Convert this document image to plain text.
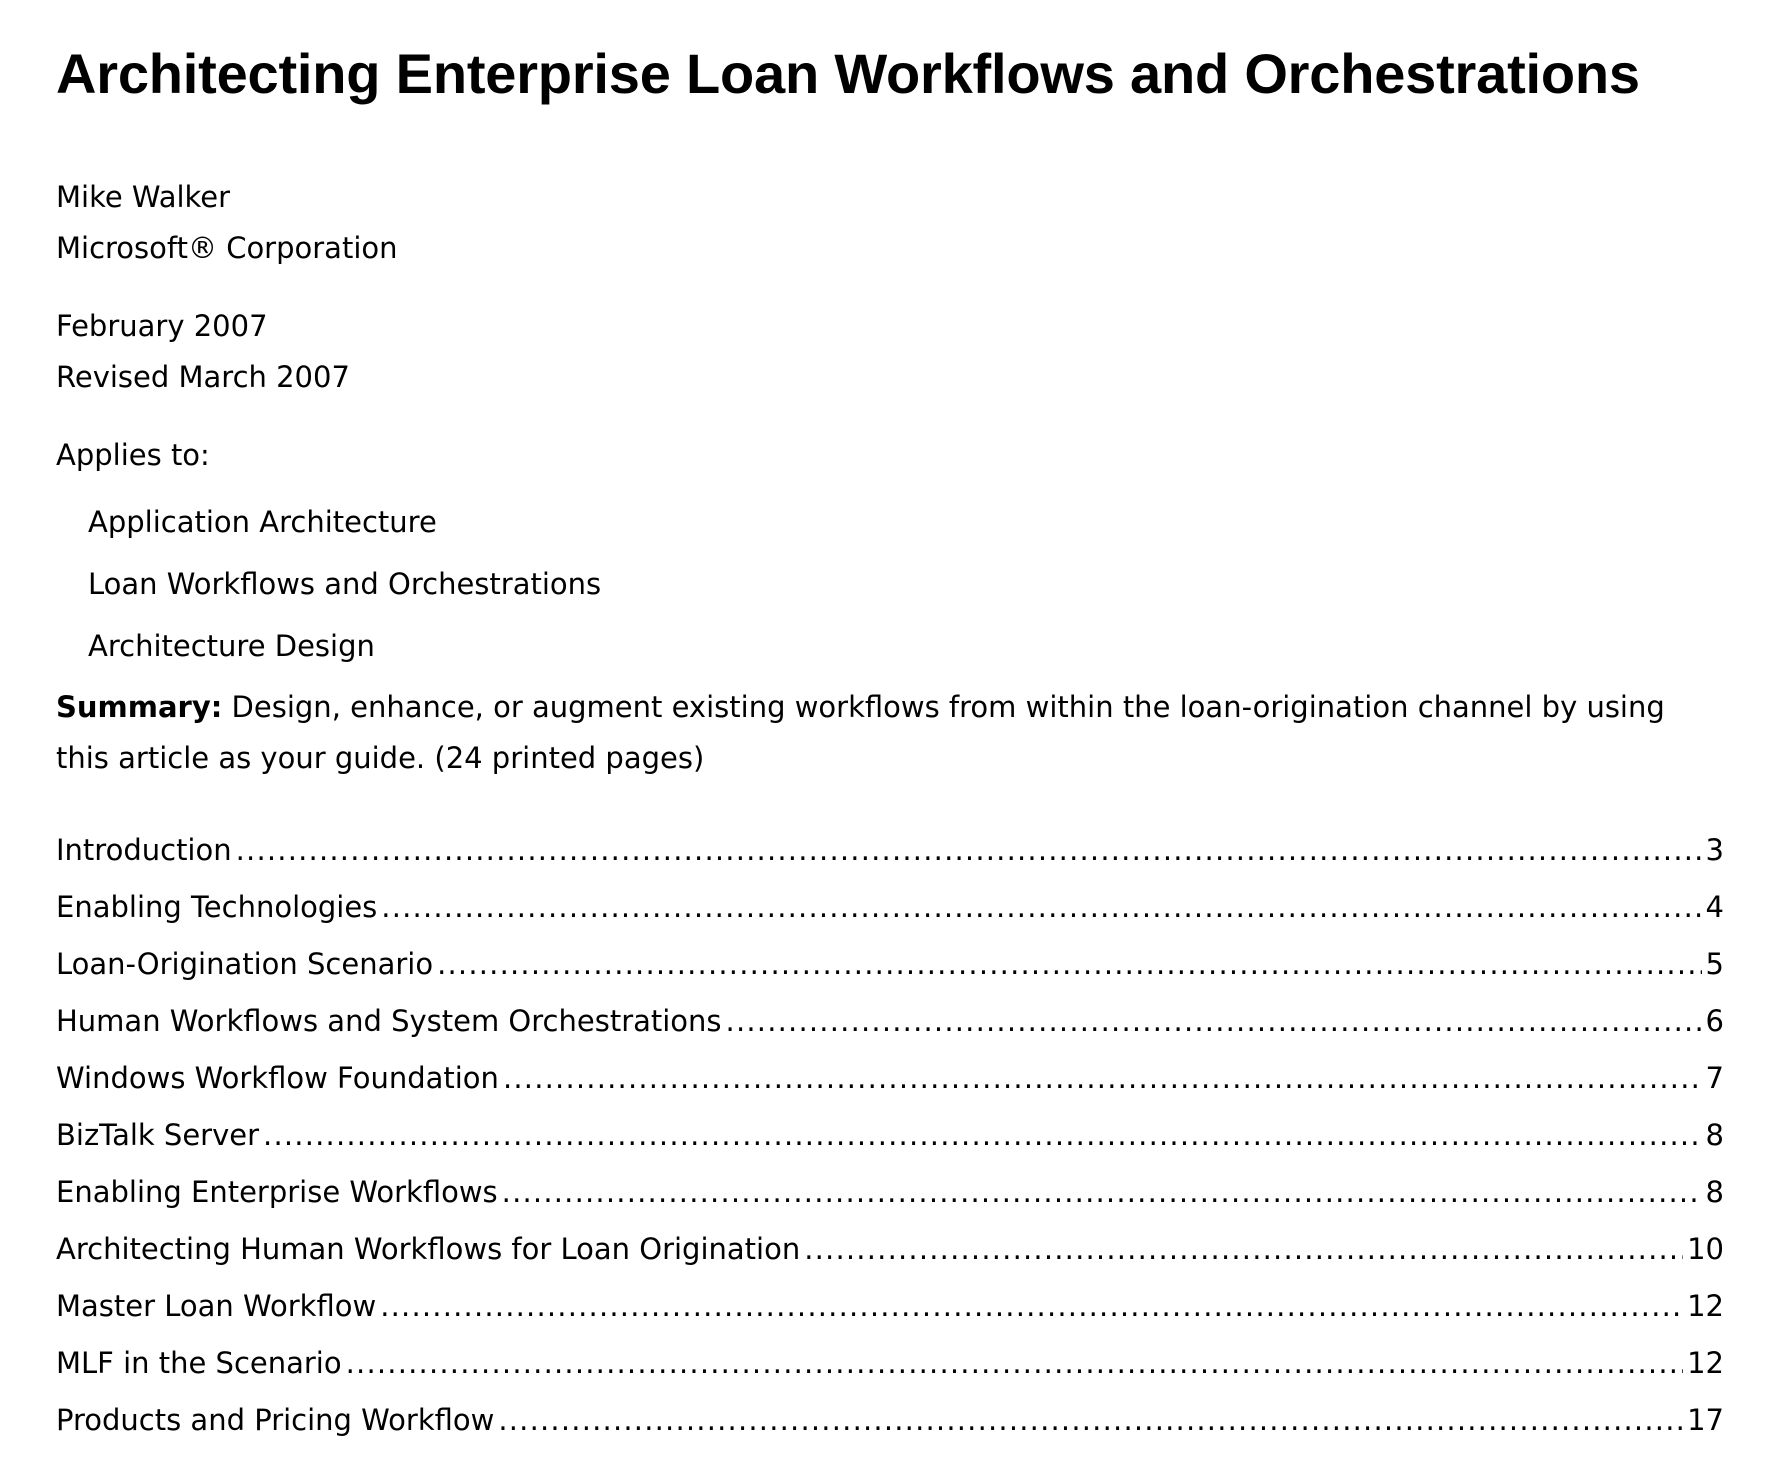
Architecting Enterprise Loan Workflows and Orchestrations
Mike Walker
Microsoft® Corporation
February 2007
Revised March 2007
Applies to:
Application Architecture
Loan Workflows and Orchestrations
Architecture Design
Summary: Design, enhance, or augment existing workflows from within the loan-origination channel by using this article as your guide. (24 printed pages)
Introduction .....	3
Enabling Technologies .....	4
Loan-Origination Scenario .....	5
Human Workflows and System Orchestrations .....	6
Windows Workflow Foundation .....	7
BizTalk Server .....	8
Enabling Enterprise Workflows .....	8
Architecting Human Workflows for Loan Origination .....	10
Master Loan Workflow .....	12
MLF in the Scenario .....	12
Products and Pricing Workflow .....	17
